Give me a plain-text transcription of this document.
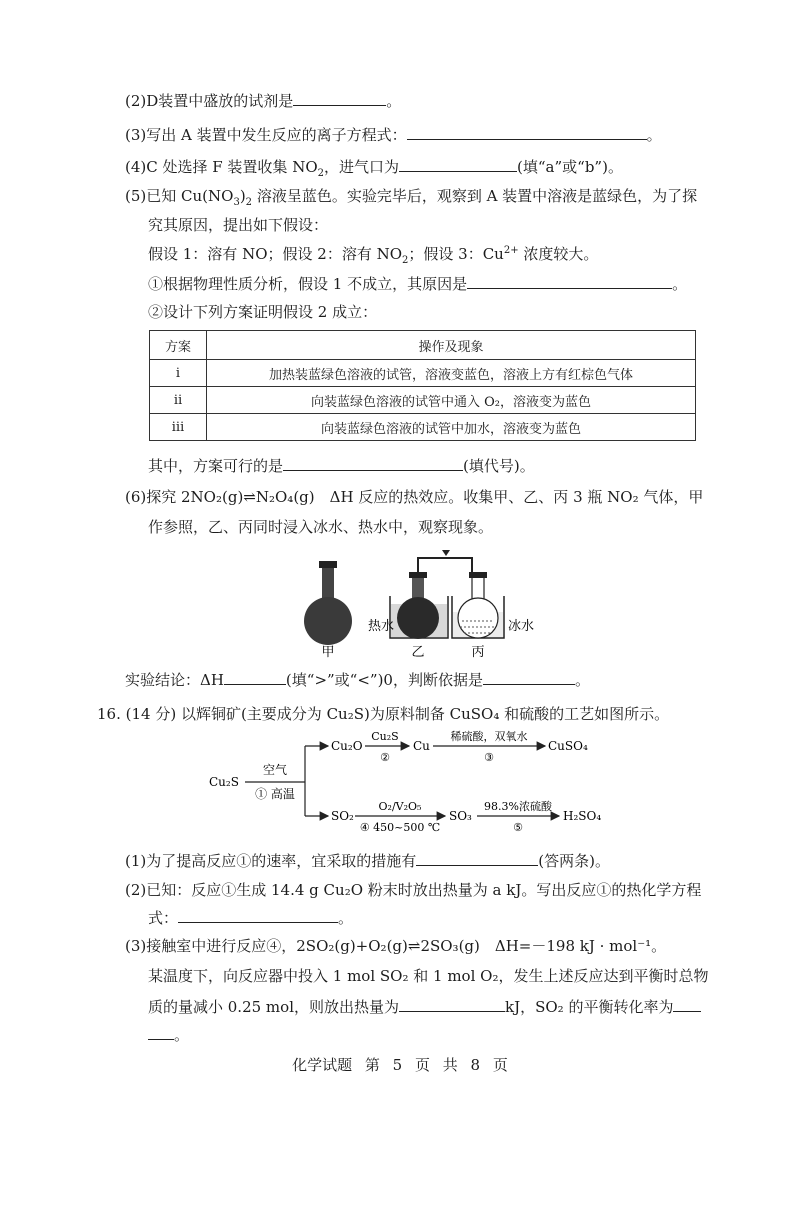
(2)D装置中盛放的试剂是	。
(3)写出 A 装置中发生反应的离子方程式：	。
(4)C 处选择 F 装置收集 $NO_2$，进气口为	(填“a”或“b”)。
(5)已知 $Cu(NO_3)_2$ 溶液呈蓝色。实验完毕后，观察到 A 装置中溶液是蓝绿色，为了探
究其原因，提出如下假设：
假设 1：溶有 NO；假设 2：溶有 $NO_2$；假设 3：$Cu^{2+}$ 浓度较大。
①根据物理性质分析，假设 1 不成立，其原因是	。
②设计下列方案证明假设 2 成立：
方案	操作及现象
ⅰ	加热装蓝绿色溶液的试管，溶液变蓝色，溶液上方有红棕色气体
ⅱ	向装蓝绿色溶液的试管中通入 O₂，溶液变为蓝色
ⅲ	向装蓝绿色溶液的试管中加水，溶液变为蓝色
其中，方案可行的是	(填代号)。
(6)探究 2NO₂(g)⇌N₂O₄(g)　ΔH 反应的热效应。收集甲、乙、丙 3 瓶 NO₂ 气体，甲
作参照，乙、丙同时浸入冰水、热水中，观察现象。
甲	乙	丙
热水	冰水
实验结论：ΔH	(填“>”或“<”)0，判断依据是	。
16. (14 分) 以辉铜矿(主要成分为 Cu₂S)为原料制备 CuSO₄ 和硫酸的工艺如图所示。
Cu₂S
空气
① 高温
Cu₂O
Cu₂S
②
Cu
稀硫酸，双氧水
③
CuSO₄
SO₂
O₂/V₂O₅
④ 450~500 ℃
SO₃
98.3%浓硫酸
⑤
H₂SO₄
(1)为了提高反应①的速率，宜采取的措施有	(答两条)。
(2)已知：反应①生成 14.4 g Cu₂O 粉末时放出热量为 a kJ。写出反应①的热化学方程
式：	。
(3)接触室中进行反应④，2SO₂(g)+O₂(g)⇌2SO₃(g)　ΔH=－198 kJ · mol⁻¹。
某温度下，向反应器中投入 1 mol SO₂ 和 1 mol O₂，发生上述反应达到平衡时总物
质的量减小 0.25 mol，则放出热量为	kJ，SO₂ 的平衡转化率为
。
化学试题 第 5 页 共 8 页
